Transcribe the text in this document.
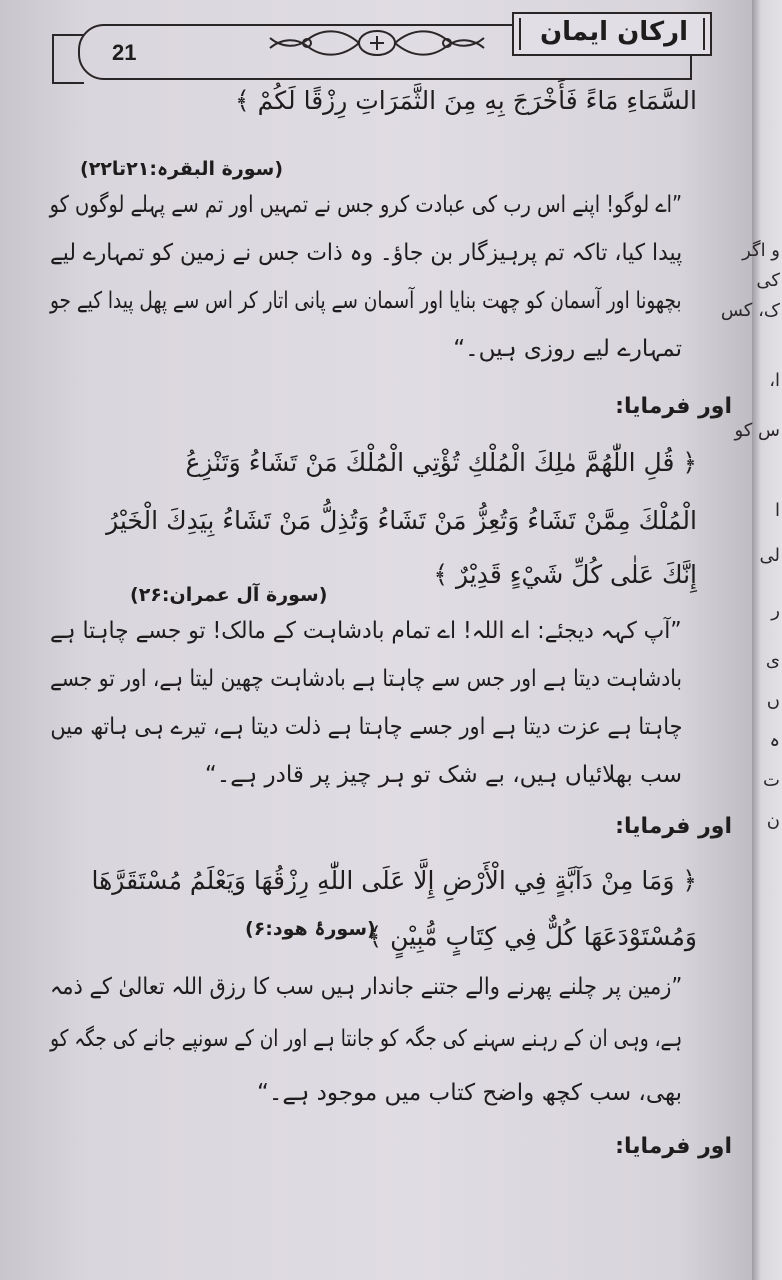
ارکان ایمان
21
السَّمَاءِ مَاءً فَأَخْرَجَ بِهِ مِنَ الثَّمَرَاتِ رِزْقًا لَكُمْ ﴾
(سورة البقرہ:۲۱تا۲۲)
”اے لوگو! اپنے اس رب کی عبادت کرو جس نے تمہیں اور تم سے پہلے لوگوں کو
پیدا کیا، تاکہ تم پرہیزگار بن جاؤ۔ وہ ذات جس نے زمین کو تمہارے لیے
بچھونا اور آسمان کو چھت بنایا اور آسمان سے پانی اتار کر اس سے پھل پیدا کیے جو
تمہارے لیے روزی ہیں۔“
اور فرمایا:
﴿ قُلِ اللّٰهُمَّ مٰلِكَ الْمُلْكِ تُؤْتِي الْمُلْكَ مَنْ تَشَاءُ وَتَنْزِعُ
الْمُلْكَ مِمَّنْ تَشَاءُ وَتُعِزُّ مَنْ تَشَاءُ وَتُذِلُّ مَنْ تَشَاءُ بِيَدِكَ الْخَيْرُ
إِنَّكَ عَلٰى كُلِّ شَيْءٍ قَدِيْرٌ ﴾
(سورة آل عمران:۲۶)
”آپ کہہ دیجئے: اے اللہ! اے تمام بادشاہت کے مالک! تو جسے چاہتا ہے
بادشاہت دیتا ہے اور جس سے چاہتا ہے بادشاہت چھین لیتا ہے، اور تو جسے
چاہتا ہے عزت دیتا ہے اور جسے چاہتا ہے ذلت دیتا ہے، تیرے ہی ہاتھ میں
سب بھلائیاں ہیں، بے شک تو ہر چیز پر قادر ہے۔“
اور فرمایا:
﴿ وَمَا مِنْ دَآبَّةٍ فِي الْأَرْضِ إِلَّا عَلَى اللّٰهِ رِزْقُهَا وَيَعْلَمُ مُسْتَقَرَّهَا
وَمُسْتَوْدَعَهَا كُلٌّ فِي كِتَابٍ مُّبِيْنٍ ﴾
(سورۂ ھود:۶)
”زمین پر چلنے پھرنے والے جتنے جاندار ہیں سب کا رزق اللہ تعالیٰ کے ذمہ
ہے، وہی ان کے رہنے سہنے کی جگہ کو جانتا ہے اور ان کے سونپے جانے کی جگہ کو
بھی، سب کچھ واضح کتاب میں موجود ہے۔“
اور فرمایا:
و اگر
کی
ک، کس
ا،
س کو
ا
لی
ر
ی
ں
ہ
ت
ن
